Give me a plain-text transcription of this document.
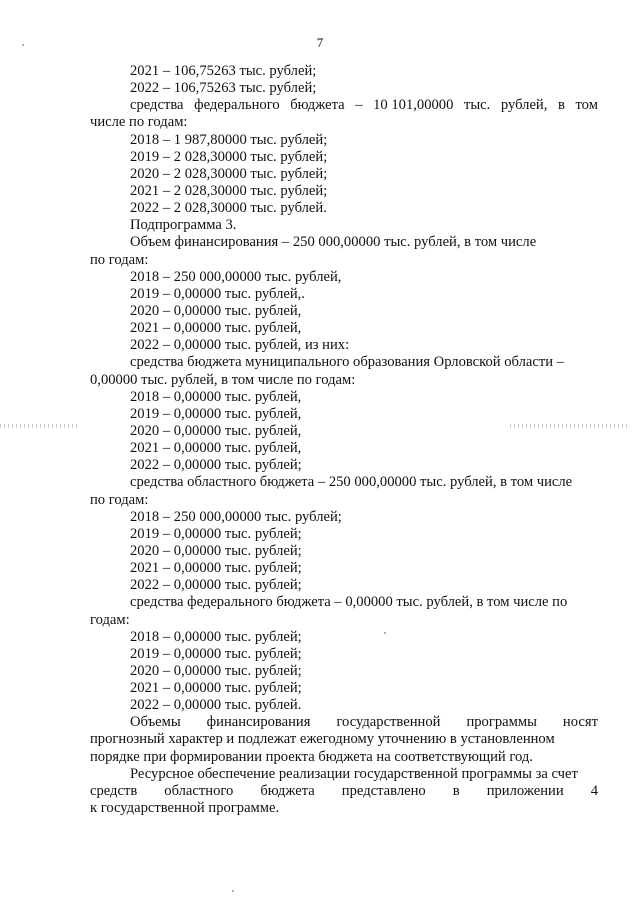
7
2021 – 106,75263 тыс. рублей;
2022 – 106,75263 тыс. рублей;
средства федерального бюджета – 10 101,00000 тыс. рублей, в том
числе по годам:
2018 – 1 987,80000 тыс. рублей;
2019 – 2 028,30000 тыс. рублей;
2020 – 2 028,30000 тыс. рублей;
2021 – 2 028,30000 тыс. рублей;
2022 – 2 028,30000 тыс. рублей.
Подпрограмма 3.
Объем финансирования – 250 000,00000 тыс. рублей, в том числе
по годам:
2018 – 250 000,00000 тыс. рублей,
2019 – 0,00000 тыс. рублей,.
2020 – 0,00000 тыс. рублей,
2021 – 0,00000 тыс. рублей,
2022 – 0,00000 тыс. рублей, из них:
средства бюджета муниципального образования Орловской области –
0,00000 тыс. рублей, в том числе по годам:
2018 – 0,00000 тыс. рублей,
2019 – 0,00000 тыс. рублей,
2020 – 0,00000 тыс. рублей,
2021 – 0,00000 тыс. рублей,
2022 – 0,00000 тыс. рублей;
средства областного бюджета – 250 000,00000 тыс. рублей, в том числе
по годам:
2018 – 250 000,00000 тыс. рублей;
2019 – 0,00000 тыс. рублей;
2020 – 0,00000 тыс. рублей;
2021 – 0,00000 тыс. рублей;
2022 – 0,00000 тыс. рублей;
средства федерального бюджета – 0,00000 тыс. рублей, в том числе по
годам:
2018 – 0,00000 тыс. рублей;
2019 – 0,00000 тыс. рублей;
2020 – 0,00000 тыс. рублей;
2021 – 0,00000 тыс. рублей;
2022 – 0,00000 тыс. рублей.
Объемы финансирования государственной программы носят
прогнозный характер и подлежат ежегодному уточнению в установленном
порядке при формировании проекта бюджета на соответствующий год.
Ресурсное обеспечение реализации государственной программы за счет
средств областного бюджета представлено в приложении 4
к государственной программе.
